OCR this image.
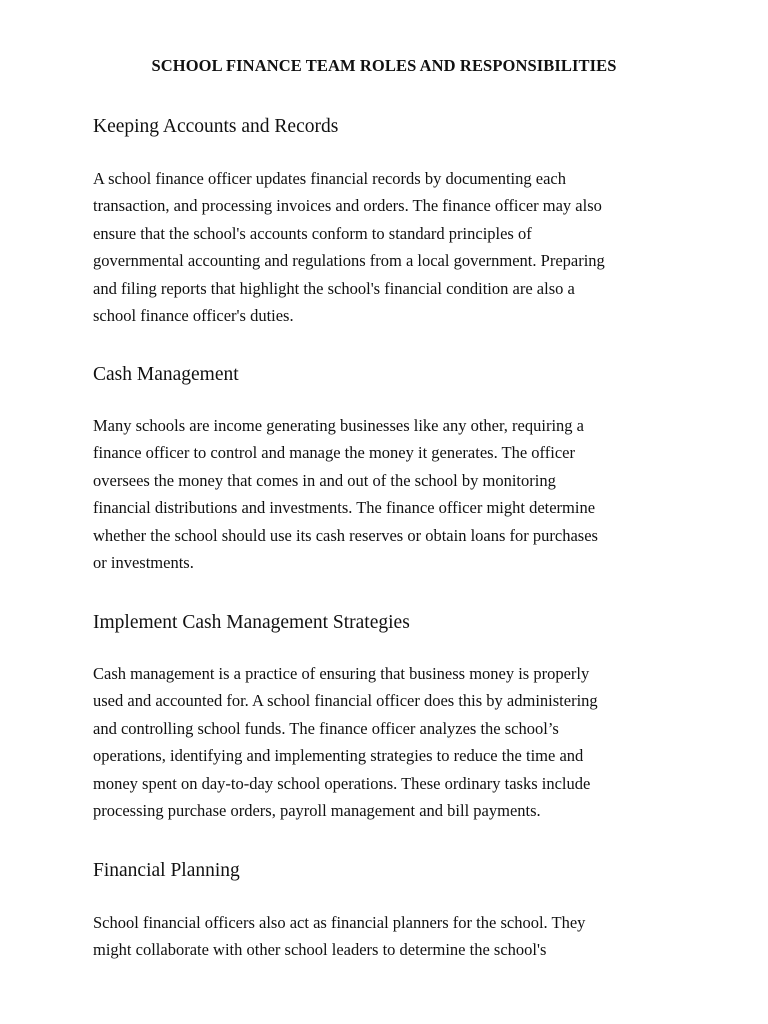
SCHOOL FINANCE TEAM ROLES AND RESPONSIBILITIES
Keeping Accounts and Records

A school finance officer updates financial records by documenting each
transaction, and processing invoices and orders. The finance officer may also
ensure that the school's accounts conform to standard principles of
governmental accounting and regulations from a local government. Preparing
and filing reports that highlight the school's financial condition are also a
school finance officer's duties.

Cash Management

Many schools are income generating businesses like any other, requiring a
finance officer to control and manage the money it generates. The officer
oversees the money that comes in and out of the school by monitoring
financial distributions and investments. The finance officer might determine
whether the school should use its cash reserves or obtain loans for purchases
or investments.

Implement Cash Management Strategies

Cash management is a practice of ensuring that business money is properly
used and accounted for. A school financial officer does this by administering
and controlling school funds. The finance officer analyzes the school’s
operations, identifying and implementing strategies to reduce the time and
money spent on day-to-day school operations. These ordinary tasks include
processing purchase orders, payroll management and bill payments.

Financial Planning

School financial officers also act as financial planners for the school. They
might collaborate with other school leaders to determine the school's
